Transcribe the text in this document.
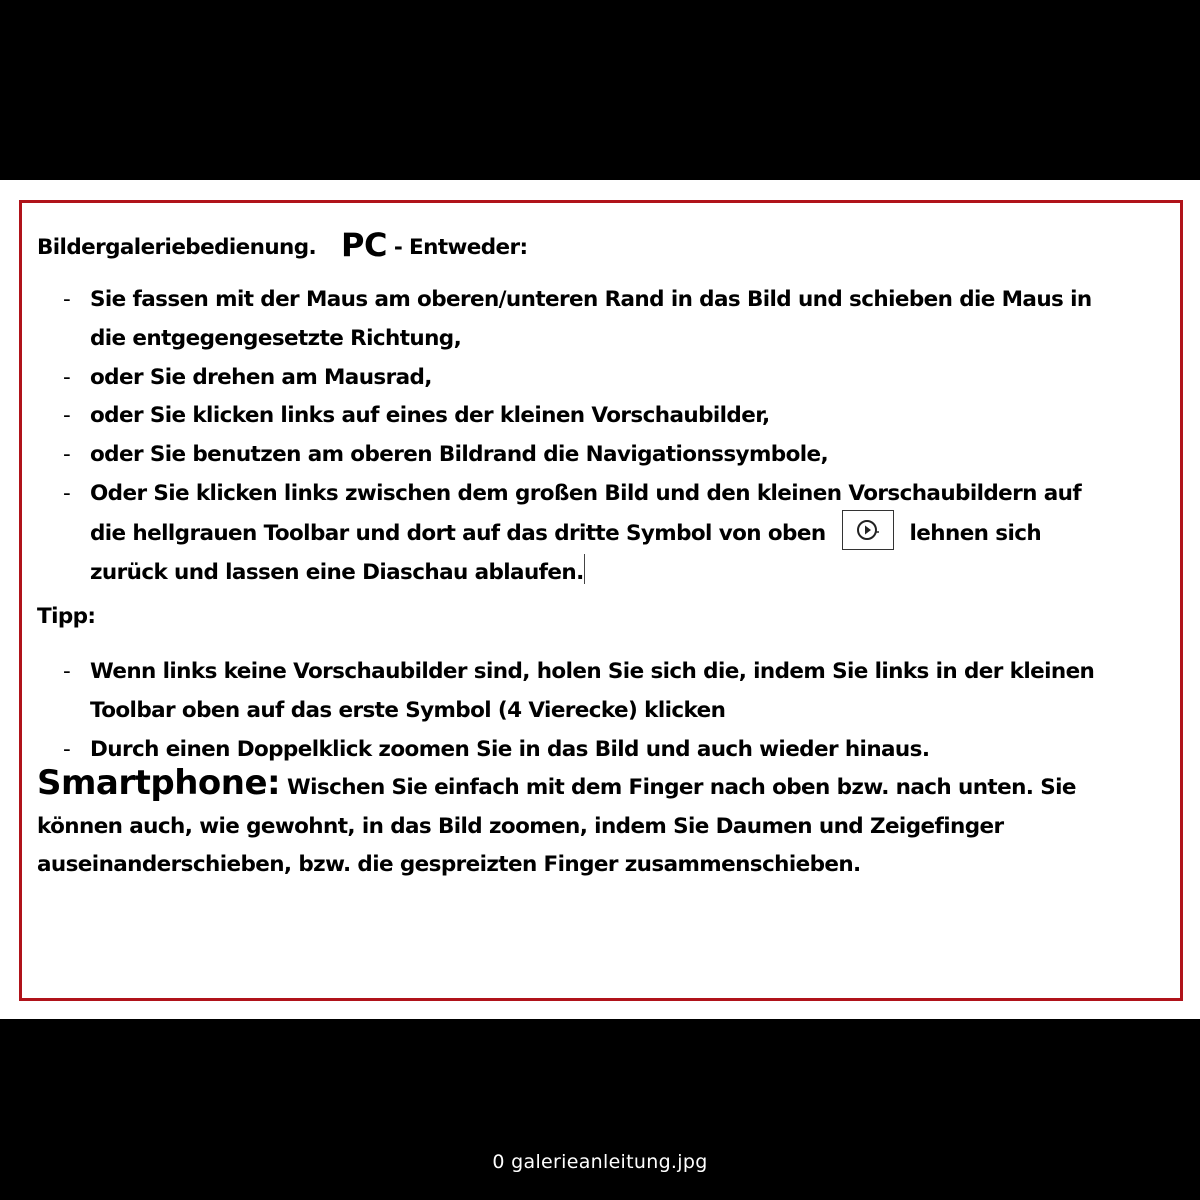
Bildergaleriebedienung. PC - Entweder:
- Sie fassen mit der Maus am oberen/unteren Rand in das Bild und schieben die Maus in
die entgegengesetzte Richtung,
- oder Sie drehen am Mausrad,
- oder Sie klicken links auf eines der kleinen Vorschaubilder,
- oder Sie benutzen am oberen Bildrand die Navigationssymbole,
- Oder Sie klicken links zwischen dem großen Bild und den kleinen Vorschaubildern auf
die hellgrauen Toolbar und dort auf das dritte Symbol von oben	lehnen sich
zurück und lassen eine Diaschau ablaufen.
Tipp:
- Wenn links keine Vorschaubilder sind, holen Sie sich die, indem Sie links in der kleinen
Toolbar oben auf das erste Symbol (4 Vierecke) klicken
- Durch einen Doppelklick zoomen Sie in das Bild und auch wieder hinaus.
Smartphone: Wischen Sie einfach mit dem Finger nach oben bzw. nach unten. Sie
können auch, wie gewohnt, in das Bild zoomen, indem Sie Daumen und Zeigefinger
auseinanderschieben, bzw. die gespreizten Finger zusammenschieben.
0 galerieanleitung.jpg
